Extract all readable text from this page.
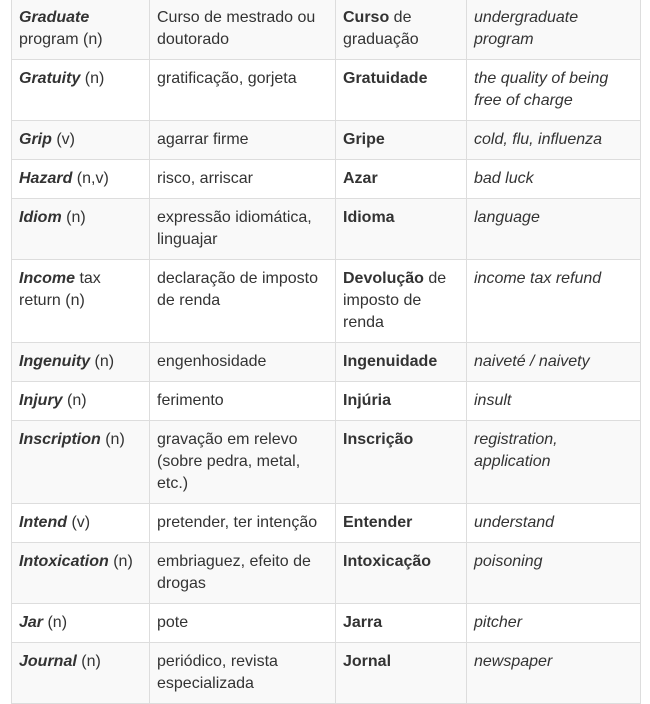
Graduate program (n)	Curso de mestrado ou doutorado	Curso de graduação	undergraduate program
Gratuity (n)	gratificação, gorjeta	Gratuidade	the quality of being free of charge
Grip (v)	agarrar firme	Gripe	cold, flu, influenza
Hazard (n,v)	risco, arriscar	Azar	bad luck
Idiom (n)	expressão idiomática, linguajar	Idioma	language
Income tax return (n)	declaração de imposto de renda	Devolução de imposto de renda	income tax refund
Ingenuity (n)	engenhosidade	Ingenuidade	naiveté / naivety
Injury (n)	ferimento	Injúria	insult
Inscription (n)	gravação em relevo (sobre pedra, metal, etc.)	Inscrição	registration, application
Intend (v)	pretender, ter intenção	Entender	understand
Intoxication (n)	embriaguez, efeito de drogas	Intoxicação	poisoning
Jar (n)	pote	Jarra	pitcher
Journal (n)	periódico, revista especializada	Jornal	newspaper
